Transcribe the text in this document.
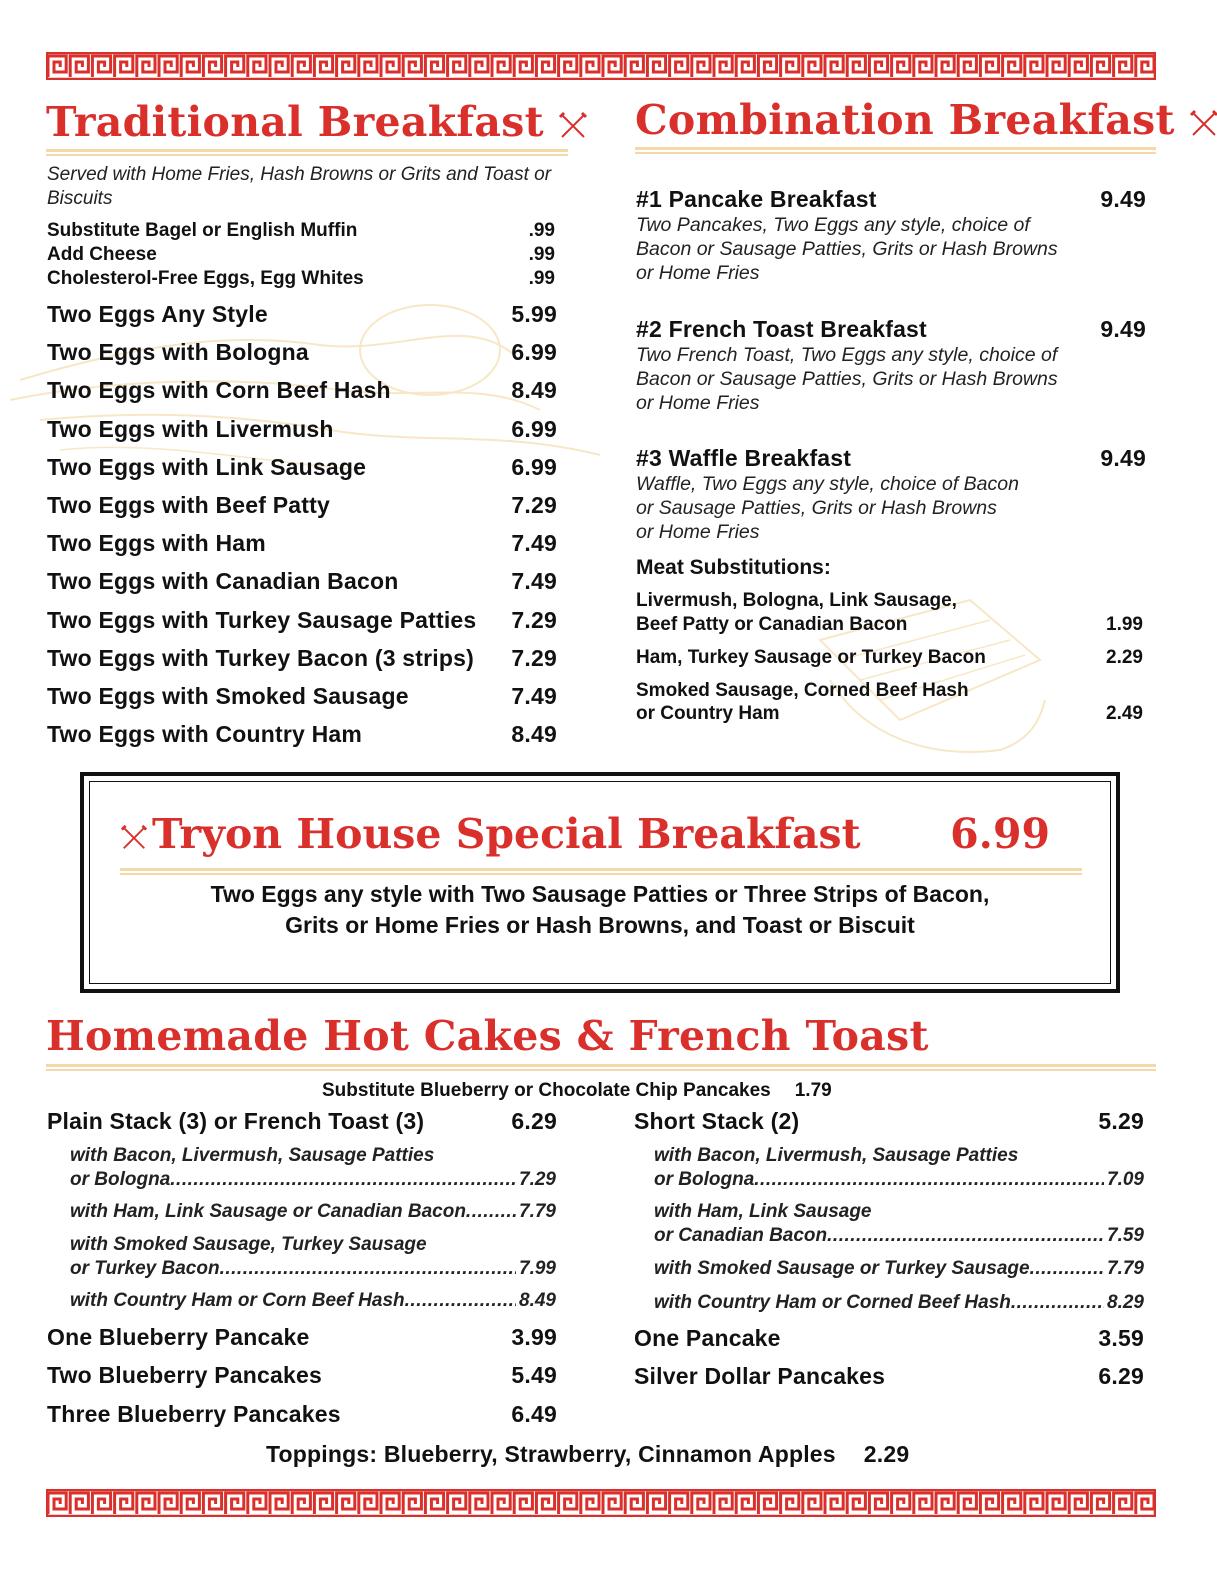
Traditional Breakfast
Served with Home Fries, Hash Browns or Grits and Toast or Biscuits
Substitute Bagel or English Muffin	.99
Add Cheese	.99
Cholesterol-Free Eggs, Egg Whites	.99
Two Eggs Any Style	5.99
Two Eggs with Bologna	6.99
Two Eggs with Corn Beef Hash	8.49
Two Eggs with Livermush	6.99
Two Eggs with Link Sausage	6.99
Two Eggs with Beef Patty	7.29
Two Eggs with Ham	7.49
Two Eggs with Canadian Bacon	7.49
Two Eggs with Turkey Sausage Patties 7.29
Two Eggs with Turkey Bacon (3 strips) 7.29
Two Eggs with Smoked Sausage	7.49
Two Eggs with Country Ham	8.49
Combination Breakfast
#1 Pancake Breakfast	9.49
Two Pancakes, Two Eggs any style, choice of
Bacon or Sausage Patties, Grits or Hash Browns
or Home Fries
#2 French Toast Breakfast	9.49
Two French Toast, Two Eggs any style, choice of
Bacon or Sausage Patties, Grits or Hash Browns
or Home Fries
#3 Waffle Breakfast	9.49
Waffle, Two Eggs any style, choice of Bacon
or Sausage Patties, Grits or Hash Browns
or Home Fries
Meat Substitutions:
Livermush, Bologna, Link Sausage,
Beef Patty or Canadian Bacon	1.99
Ham, Turkey Sausage or Turkey Bacon	2.29
Smoked Sausage, Corned Beef Hash
or Country Ham	2.49
Tryon House Special Breakfast 6.99
Two Eggs any style with Two Sausage Patties or Three Strips of Bacon,
Grits or Home Fries or Hash Browns, and Toast or Biscuit
Homemade Hot Cakes & French Toast
Substitute Blueberry or Chocolate Chip Pancakes 1.79
Plain Stack (3) or French Toast (3)	6.29
with Bacon, Livermush, Sausage Patties
or Bologna .....	7.29
with Ham, Link Sausage or Canadian Bacon .....	7.79
with Smoked Sausage, Turkey Sausage
or Turkey Bacon .....	7.99
with Country Ham or Corn Beef Hash .....	8.49
One Blueberry Pancake	3.99
Two Blueberry Pancakes	5.49
Three Blueberry Pancakes	6.49
Short Stack (2)	5.29
with Bacon, Livermush, Sausage Patties
or Bologna .....	7.09
with Ham, Link Sausage
or Canadian Bacon .....	7.59
with Smoked Sausage or Turkey Sausage .....	7.79
with Country Ham or Corned Beef Hash .....	8.29
One Pancake	3.59
Silver Dollar Pancakes	6.29
Toppings: Blueberry, Strawberry, Cinnamon Apples 2.29
